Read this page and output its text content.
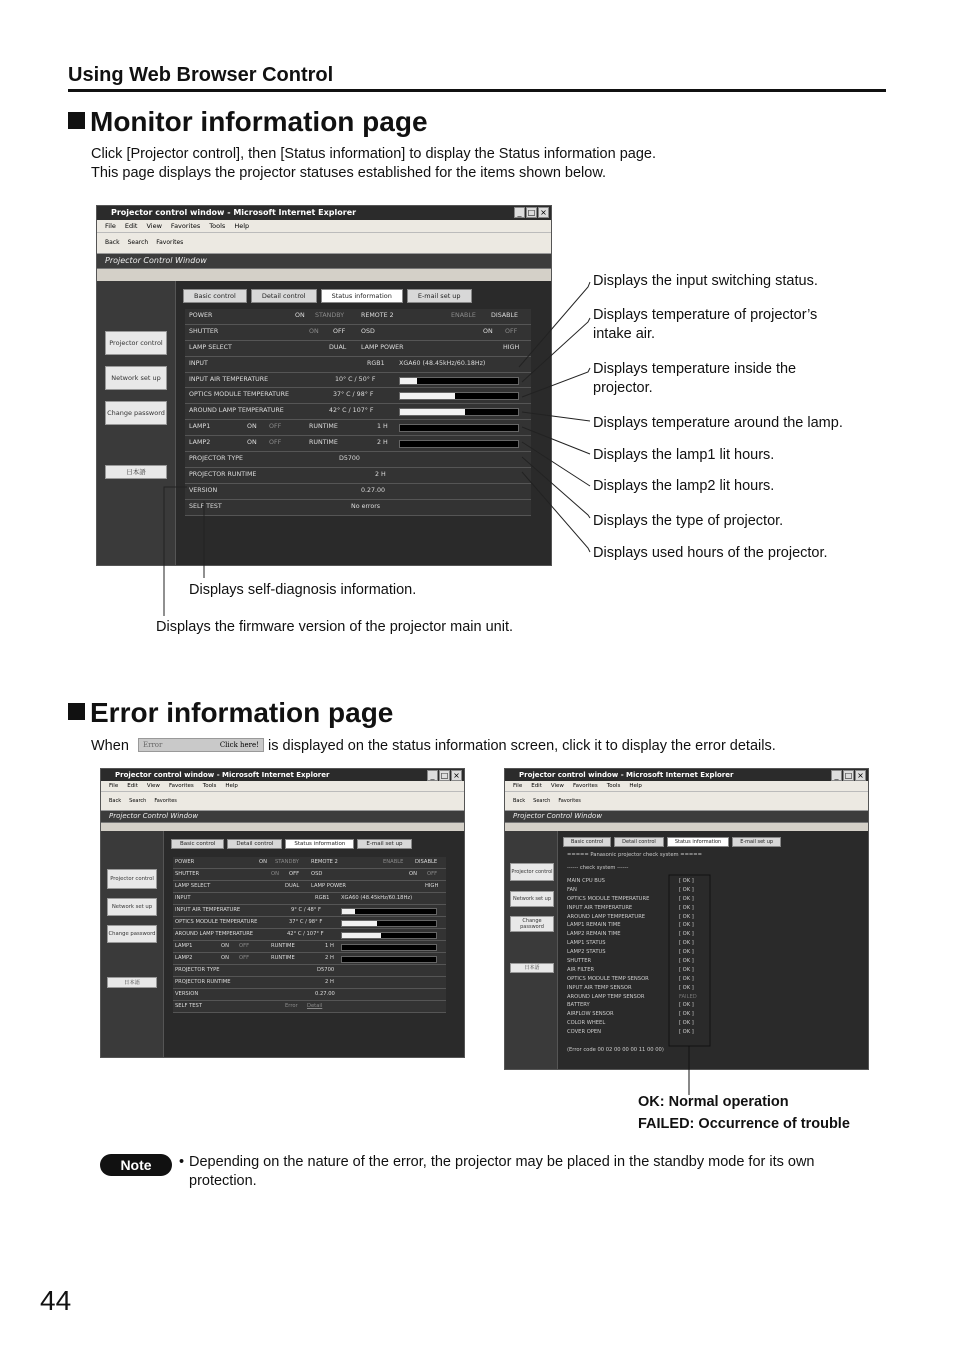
Using Web Browser Control
Monitor information page
Click [Projector control], then [Status information] to display the Status information page.
This page displays the projector statuses established for the items shown below.
Projector control window - Microsoft Internet Explorer	_ □ ×
File Edit View Favorites Tools Help
Back Search Favorites
Projector Control Window
Projector control
Network set up
Change password
日本語
Basic control	Detail control	Status information	E-mail set up
POWER	ON STANDBY	REMOTE 2	ENABLE DISABLE
SHUTTER	ON OFF	OSD	ON OFF
LAMP SELECT	DUAL LAMP POWER	HIGH
INPUT	RGB1 XGA60 (48.45kHz/60.18Hz)
INPUT AIR TEMPERATURE	10° C / 50° F
OPTICS MODULE TEMPERATURE	37° C / 98° F
AROUND LAMP TEMPERATURE	42° C / 107° F
LAMP1	ON OFF	RUNTIME	1 H
LAMP2	ON OFF	RUNTIME	2 H
PROJECTOR TYPE	D5700
PROJECTOR RUNTIME	2 H
VERSION	0.27.00
SELF TEST	No errors
Displays the input switching status.
Displays temperature of projector’s
intake air.
Displays temperature inside the
projector.
Displays temperature around the lamp.
Displays the lamp1 lit hours.
Displays the lamp2 lit hours.
Displays the type of projector.
Displays used hours of the projector.
Displays self-diagnosis information.
Displays the firmware version of the projector main unit.
Error information page
When Error	Click here! is displayed on the status information screen, click it to display the error details.
Projector control window - Microsoft Internet Explorer	_ □ ×
File Edit View Favorites Tools Help
Back Search Favorites
Projector Control Window
Projector control
Network set up
Change password
日本語
Basic control	Detail control	Status information	E-mail set up
POWER	ON STANDBY REMOTE 2	ENABLE DISABLE
SHUTTER	ON OFF OSD	ON OFF
LAMP SELECT	DUAL LAMP POWER	HIGH
INPUT	RGB1 XGA60 (48.45kHz/60.18Hz)
INPUT AIR TEMPERATURE	9° C / 48° F
OPTICS MODULE TEMPERATURE	37° C / 98° F
AROUND LAMP TEMPERATURE	42° C / 107° F
LAMP1	ON OFF	RUNTIME	1 H
LAMP2	ON OFF	RUNTIME	2 H
PROJECTOR TYPE	D5700
PROJECTOR RUNTIME	2 H
VERSION	0.27.00
SELF TEST	Error Detail
Projector control window - Microsoft Internet Explorer	_ □ ×
File Edit View Favorites Tools Help
Back Search Favorites
Projector Control Window
Projector control
Network set up
Change password
日本語
Basic control	Detail control	Status information	E-mail set up
===== Panasonic projector check system =====
------ check system ------
MAIN CPU BUS	[ OK ]
FAN	[ OK ]
OPTICS MODULE TEMPERATURE	[ OK ]
INPUT AIR TEMPERATURE	[ OK ]
AROUND LAMP TEMPERATURE	[ OK ]
LAMP1 REMAIN TIME	[ OK ]
LAMP2 REMAIN TIME	[ OK ]
LAMP1 STATUS	[ OK ]
LAMP2 STATUS	[ OK ]
SHUTTER	[ OK ]
AIR FILTER	[ OK ]
OPTICS MODULE TEMP SENSOR	[ OK ]
INPUT AIR TEMP SENSOR	[ OK ]
AROUND LAMP TEMP SENSOR	FAILED
BATTERY	[ OK ]
AIRFLOW SENSOR	[ OK ]
COLOR WHEEL	[ OK ]
COVER OPEN	[ OK ]
(Error code 00 02 00 00 00 11 00 00)
OK: Normal operation
FAILED: Occurrence of trouble
Note	• Depending on the nature of the error, the projector may be placed in the standby mode for its own
protection.
44
